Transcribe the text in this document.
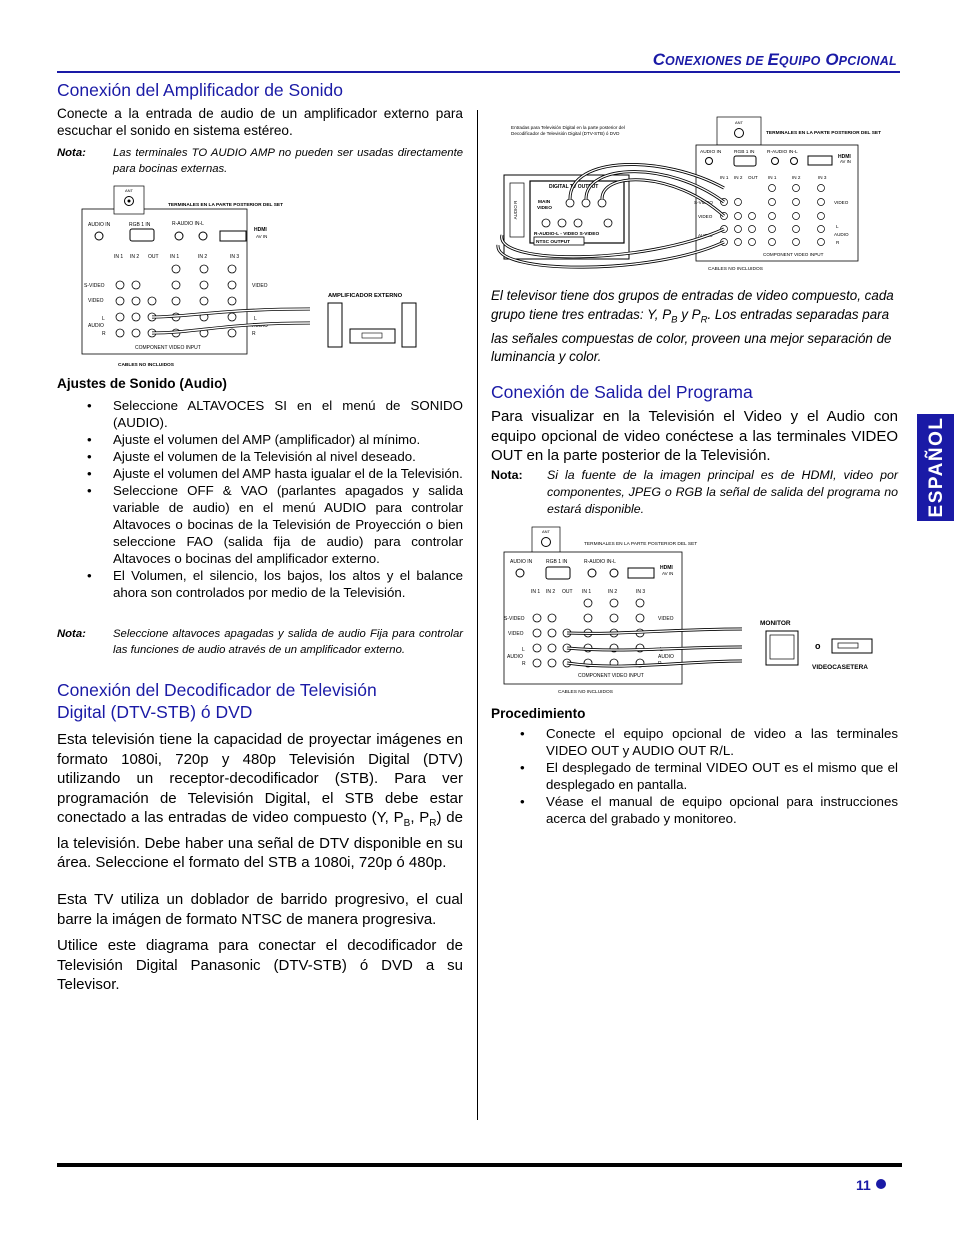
CONEXIONES DE EQUIPO OPCIONAL
ESPAÑOL
Conexión del Amplificador de Sonido
Conecte a la entrada de audio de un amplificador externo para escuchar el sonido en sistema estéreo.
Nota: Las terminales TO AUDIO AMP no pueden ser usadas directamente para bocinas externas.
ANT
TERMINALES EN LA PARTE POSTERIOR DEL SET
AUDIO IN	RGB 1 IN	R-AUDIO IN-L
HDMI
AV IN
IN 1 IN 2 OUT IN 1	IN 2	IN 3
S-VIDEO
VIDEO
L
AUDIO
R
VIDEO
L
AUDIO
R
COMPONENT VIDEO INPUT
CABLES NO INCLUIDOS
AMPLIFICADOR EXTERNO
Ajustes de Sonido (Audio)
• Seleccione ALTAVOCES SI en el menú de SONIDO (AUDIO).
• Ajuste el volumen del AMP (amplificador) al mínimo.
• Ajuste el volumen de la Televisión al nivel deseado.
• Ajuste el volumen del AMP hasta igualar el de la Televisión.
• Seleccione OFF & VAO (parlantes apagados y salida variable de audio) en el menú AUDIO para controlar Altavoces o bocinas de la Televisión de Proyección o bien seleccione FAO (salida fija de audio) para controlar Altavoces o bocinas del amplificador externo.
• El Volumen, el silencio, los bajos, los altos y el balance ahora son controlados por medio de la Televisión.
Nota: Seleccione altavoces apagadas y salida de audio Fija para controlar las funciones de audio através de un amplificador externo.
Conexión del Decodificador de Televisión
Digital (DTV-STB) ó DVD
Esta televisión tiene la capacidad de proyectar imágenes en formato 1080i, 720p y 480p Televisión Digital (DTV) utilizando un receptor-decodificador (STB). Para ver programación de Televisión Digital, el STB debe estar conectado a las entradas de video compuesto (Y, $P_B$, $P_R$) de la televisión. Debe haber una señal de DTV disponible en su área. Seleccione el formato del STB a 1080i, 720p ó 480p.
Esta TV utiliza un doblador de barrido progresivo, el cual barre la imágen de formato NTSC de manera progresiva.
Utilice este diagrama para conectar el decodificador de Televisión Digital Panasonic (DTV-STB) ó DVD a su Televisor.
Entradas para Televisión Digital en la parte posterior del
Decodificador de Televisión Digital (DTV-STB) ó DVD
ANT
TERMINALES EN LA PARTE POSTERIOR DEL SET
AUDIO IN	RGB 1 IN	R-AUDIO IN-L
HDMI
AV IN
IN 1 IN 2 OUT IN 1	IN 2	IN 3
S-VIDEO
VIDEO
AUDIO
VIDEO
L
AUDIO
R
COMPONENT VIDEO INPUT
CABLES NO INCLUIDOS
AUDIO R
DIGITAL TV OUTPUT
MAIN
VIDEO
R-AUDIO-L - VIDEO S-VIDEO
NTSC OUTPUT
El televisor tiene dos grupos de entradas de video compuesto, cada grupo tiene tres entradas: Y, $P_B$ y $P_R$. Los entradas separadas para las señales compuestas de color, proveen una mejor separación de luminancia y color.
Conexión de Salida del Programa
Para visualizar en la Televisión el Video y el Audio con equipo opcional de video conéctese a las terminales VIDEO OUT en la parte posterior de la Televisión.
Nota: Si la fuente de la imagen principal es de HDMI, video por componentes, JPEG o RGB la señal de salida del programa no estará disponible.
ANT
TERMINALES EN LA PARTE POSTERIOR DEL SET
AUDIO IN	RGB 1 IN	R-AUDIO IN-L
HDMI
AV IN
IN 1 IN 2 OUT IN 1	IN 2	IN 3
S-VIDEO
VIDEO
L
AUDIO
R
VIDEO
L
AUDIO
R
COMPONENT VIDEO INPUT
CABLES NO INCLUIDOS
MONITOR
o
VIDEOCASETERA
Procedimiento
• Conecte el equipo opcional de video a las terminales VIDEO OUT y AUDIO OUT R/L.
• El desplegado de terminal VIDEO OUT es el mismo que el desplegado en pantalla.
• Véase el manual de equipo opcional para instrucciones acerca del grabado y monitoreo.
11
